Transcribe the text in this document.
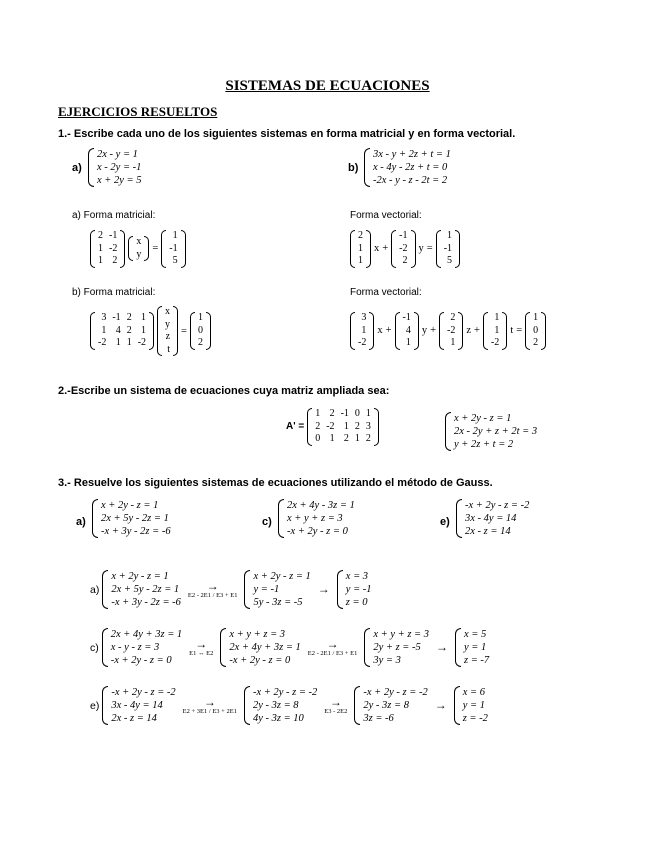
SISTEMAS DE ECUACIONES
EJERCICIOS RESUELTOS
1.- Escribe cada uno de los siguientes sistemas en forma matricial y en forma vectorial.
a)
2x - y = 1
x - 2y = -1
x + 2y = 5
b)
3x - y + 2z + t = 1
x - 4y - 2z + t = 0
-2x - y - z - 2t = 2
a) Forma matricial:	Forma vectorial:
2	-1
1	-2
1	2
x
y =
1
-1
5
2
1
1
x +
-1
-2
2
y =
1
-1
5
b) Forma matricial:	Forma vectorial:
3	-1	2	1
1	4	2	1
-2	1	1	-2
x
y
z
t
=
1
0
2
3
1
-2
x +
-1
4
1
y +
2
-2
1
z +
1
1
-2
t =
1
0
2
2.-Escribe un sistema de ecuaciones cuya matriz ampliada sea:
A' =
1	2	-1	0	1
2	-2	1	2	3
0	1	2	1	2
x + 2y - z = 1
2x - 2y + z + 2t = 3
y + 2z + t = 2
3.- Resuelve los siguientes sistemas de ecuaciones utilizando el método de Gauss.
a)
x + 2y - z = 1
2x + 5y - 2z = 1
-x + 3y - 2z = -6
c)
2x + 4y - 3z = 1
x + y + z = 3
-x + 2y - z = 0
e)
-x + 2y - z = -2
3x - 4y = 14
2x - z = 14
a)
x + 2y - z = 1
2x + 5y - 2z = 1
-x + 3y - 2z = -6
→
E2 - 2E1 / E3 + E1
x + 2y - z = 1
y = -1
5y - 3z = -5
→
x = 3
y = -1
z = 0
c)
2x + 4y + 3z = 1
x - y - z = 3
-x + 2y - z = 0
→
E1 ↔ E2
x + y + z = 3
2x + 4y + 3z = 1
-x + 2y - z = 0
→
E2 - 2E1 / E3 + E1
x + y + z = 3
2y + z = -5
3y = 3
→
x = 5
y = 1
z = -7
e)
-x + 2y - z = -2
3x - 4y = 14
2x - z = 14
→
E2 + 3E1 / E3 + 2E1
-x + 2y - z = -2
2y - 3z = 8
4y - 3z = 10
→
E3 - 2E2
-x + 2y - z = -2
2y - 3z = 8
3z = -6
→
x = 6
y = 1
z = -2
